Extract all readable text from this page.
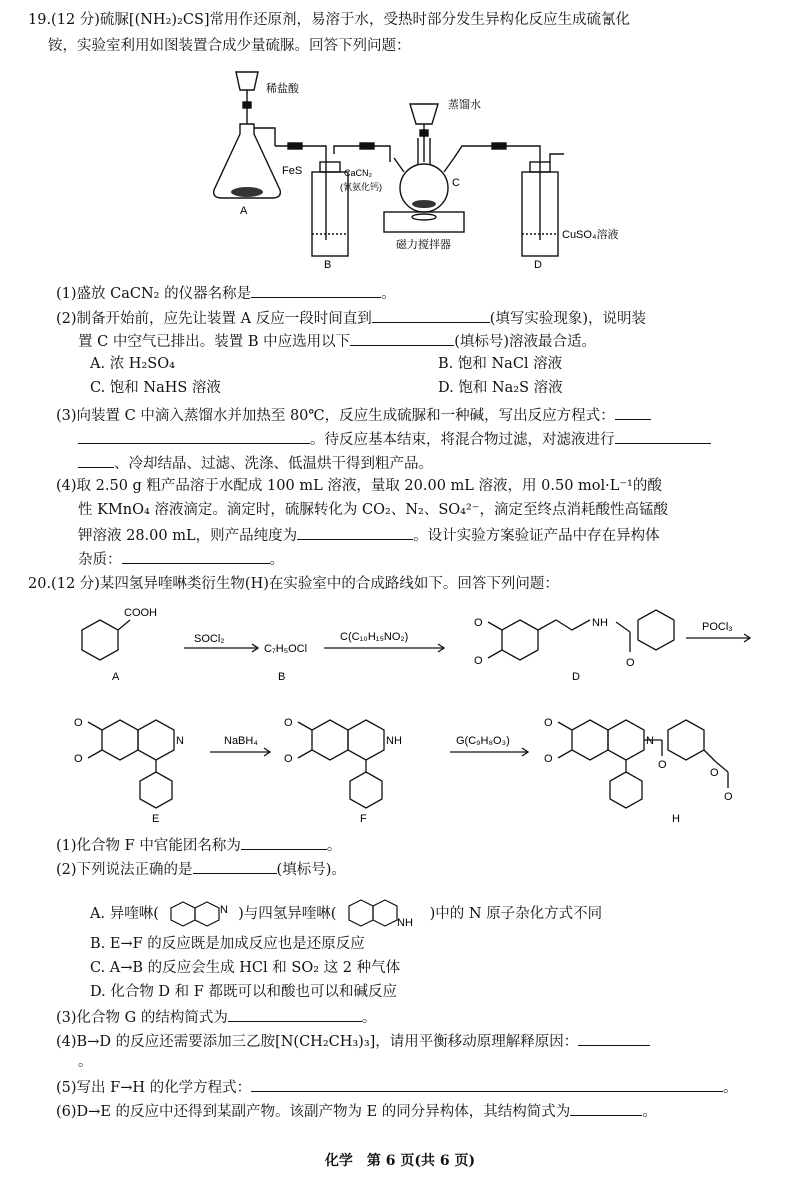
19.(12 分)硫脲[(NH₂)₂CS]常用作还原剂，易溶于水，受热时部分发生异构化反应生成硫氰化
铵，实验室利用如图装置合成少量硫脲。回答下列问题：
稀盐酸
FeS	CaCN₂
(氰氨化钙)
蒸馏水
磁力搅拌器
CuSO₄溶液
A
B
C
D
(1)盛放 CaCN₂ 的仪器名称是	。
(2)制备开始前，应先让装置 A 反应一段时间直到	(填写实验现象)，说明装
置 C 中空气已排出。装置 B 中应选用以下	(填标号)溶液最合适。
A. 浓 H₂SO₄	B. 饱和 NaCl 溶液
C. 饱和 NaHS 溶液	D. 饱和 Na₂S 溶液
(3)向装置 C 中滴入蒸馏水并加热至 80℃，反应生成硫脲和一种碱，写出反应方程式：
。待反应基本结束，将混合物过滤，对滤液进行
、冷却结晶、过滤、洗涤、低温烘干得到粗产品。
(4)取 2.50 g 粗产品溶于水配成 100 mL 溶液，量取 20.00 mL 溶液，用 0.50 mol·L⁻¹的酸
性 KMnO₄ 溶液滴定。滴定时，硫脲转化为 CO₂、N₂、SO₄²⁻，滴定至终点消耗酸性高锰酸
钾溶液 28.00 mL，则产品纯度为	。设计实验方案验证产品中存在异构体
杂质：	。
20.(12 分)某四氢异喹啉类衍生物(H)在实验室中的合成路线如下。回答下列问题：
COOH
SOCl₂
C₇H₅OCl
C(C₁₀H₁₅NO₂)
O
O
NH
O
POCl₃
A	B	D
O
O
N	NaBH₄
O
O
NH	G(C₉H₈O₃)
O
O
N
O
O
O
E	F	H
(1)化合物 F 中官能团名称为	。
(2)下列说法正确的是	(填标号)。
A. 异喹啉(	N )与四氢异喹啉(
NH
)中的 N 原子杂化方式不同
B. E→F 的反应既是加成反应也是还原反应
C. A→B 的反应会生成 HCl 和 SO₂ 这 2 种气体
D. 化合物 D 和 F 都既可以和酸也可以和碱反应
(3)化合物 G 的结构简式为	。
(4)B→D 的反应还需要添加三乙胺[N(CH₂CH₃)₃]，请用平衡移动原理解释原因：
。
(5)写出 F→H 的化学方程式：	。
(6)D→E 的反应中还得到某副产物。该副产物为 E 的同分异构体，其结构简式为	。
化学　第 6 页(共 6 页)
